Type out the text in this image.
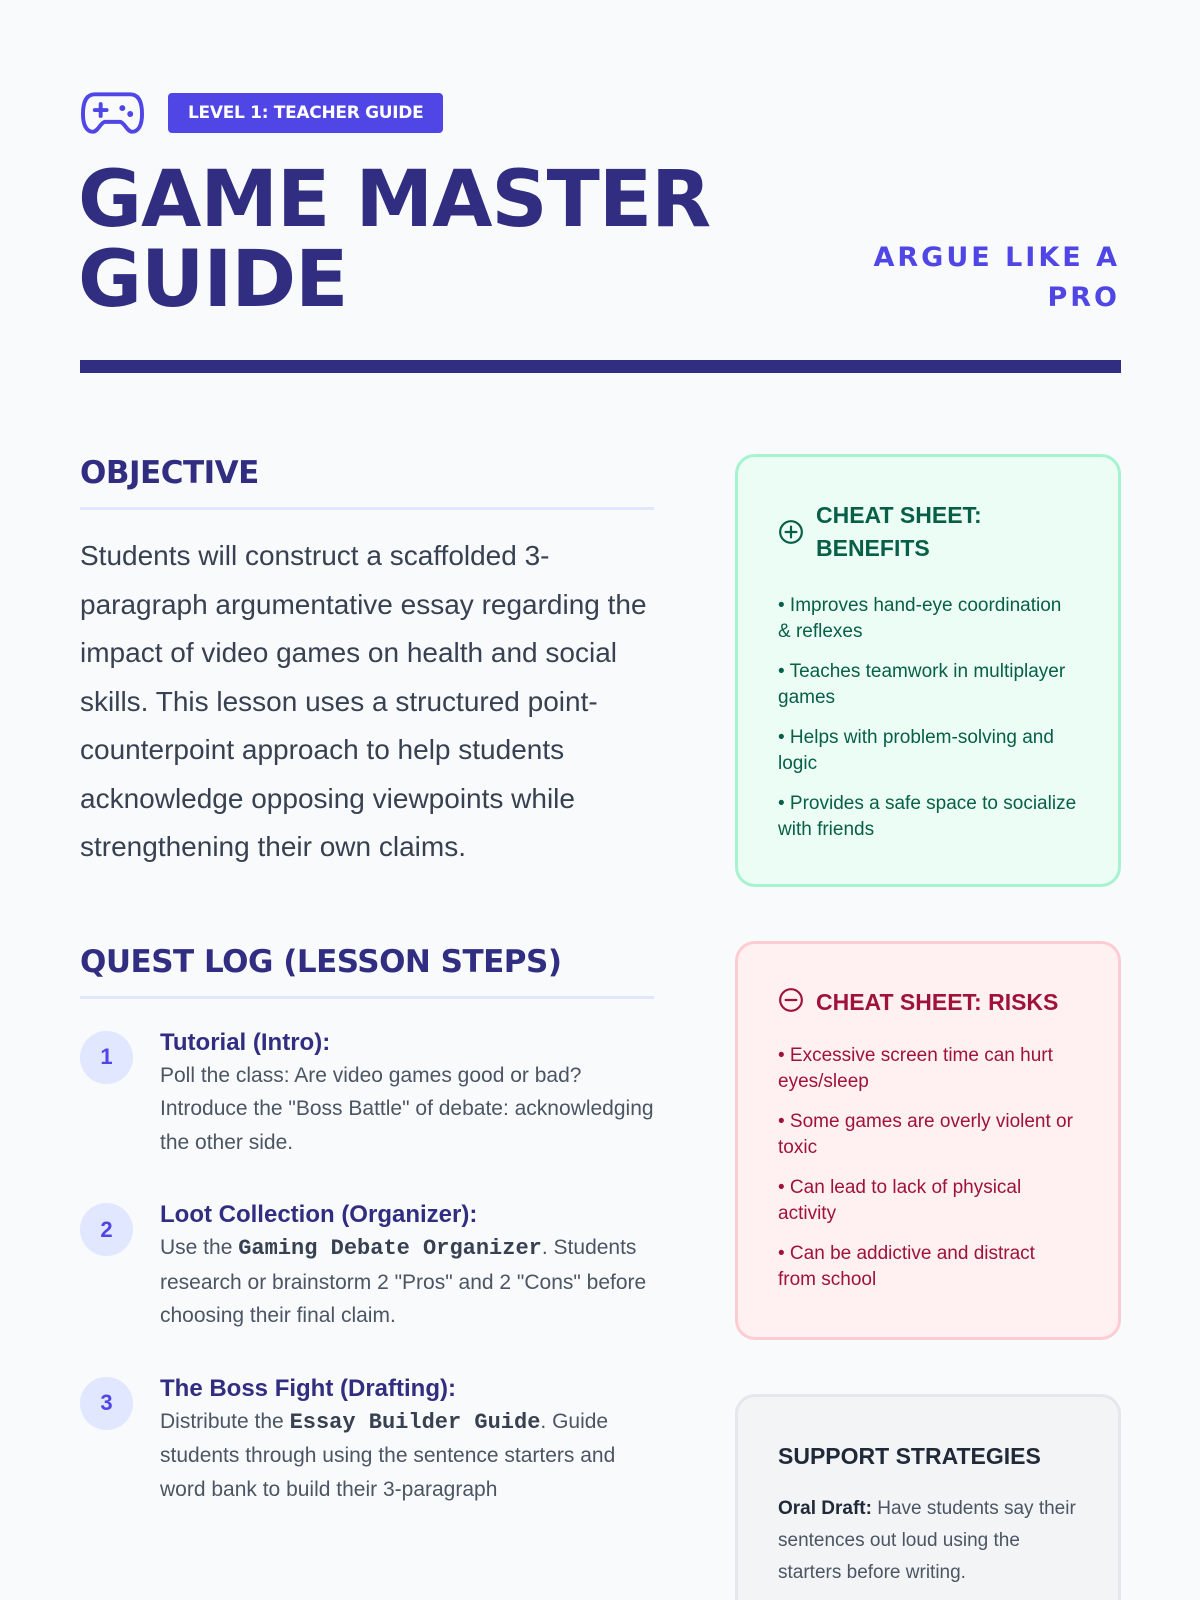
LEVEL 1: TEACHER GUIDE
GAME MASTER GUIDE	ARGUE LIKE A PRO
OBJECTIVE

Students will construct a scaffolded 3-paragraph argumentative essay regarding the impact of video games on health and social skills. This lesson uses a structured point-counterpoint approach to help students acknowledge opposing viewpoints while strengthening their own claims.

QUEST LOG (LESSON STEPS)
1
Tutorial (Intro):
Poll the class: Are video games good or bad? Introduce the "Boss Battle" of debate: acknowledging the other side.
2
Loot Collection (Organizer):
Use the Gaming Debate Organizer. Students research or brainstorm 2 "Pros" and 2 "Cons" before choosing their final claim.
3
The Boss Fight (Drafting):
Distribute the Essay Builder Guide. Guide students through using the sentence starters and word bank to build their 3-paragraph
CHEAT SHEET: BENEFITS
• Improves hand-eye coordination & reflexes
• Teaches teamwork in multiplayer games
• Helps with problem-solving and logic
• Provides a safe space to socialize with friends
CHEAT SHEET: RISKS
• Excessive screen time can hurt eyes/sleep
• Some games are overly violent or toxic
• Can lead to lack of physical activity
• Can be addictive and distract from school
SUPPORT STRATEGIES

Oral Draft: Have students say their sentences out loud using the starters before writing.
